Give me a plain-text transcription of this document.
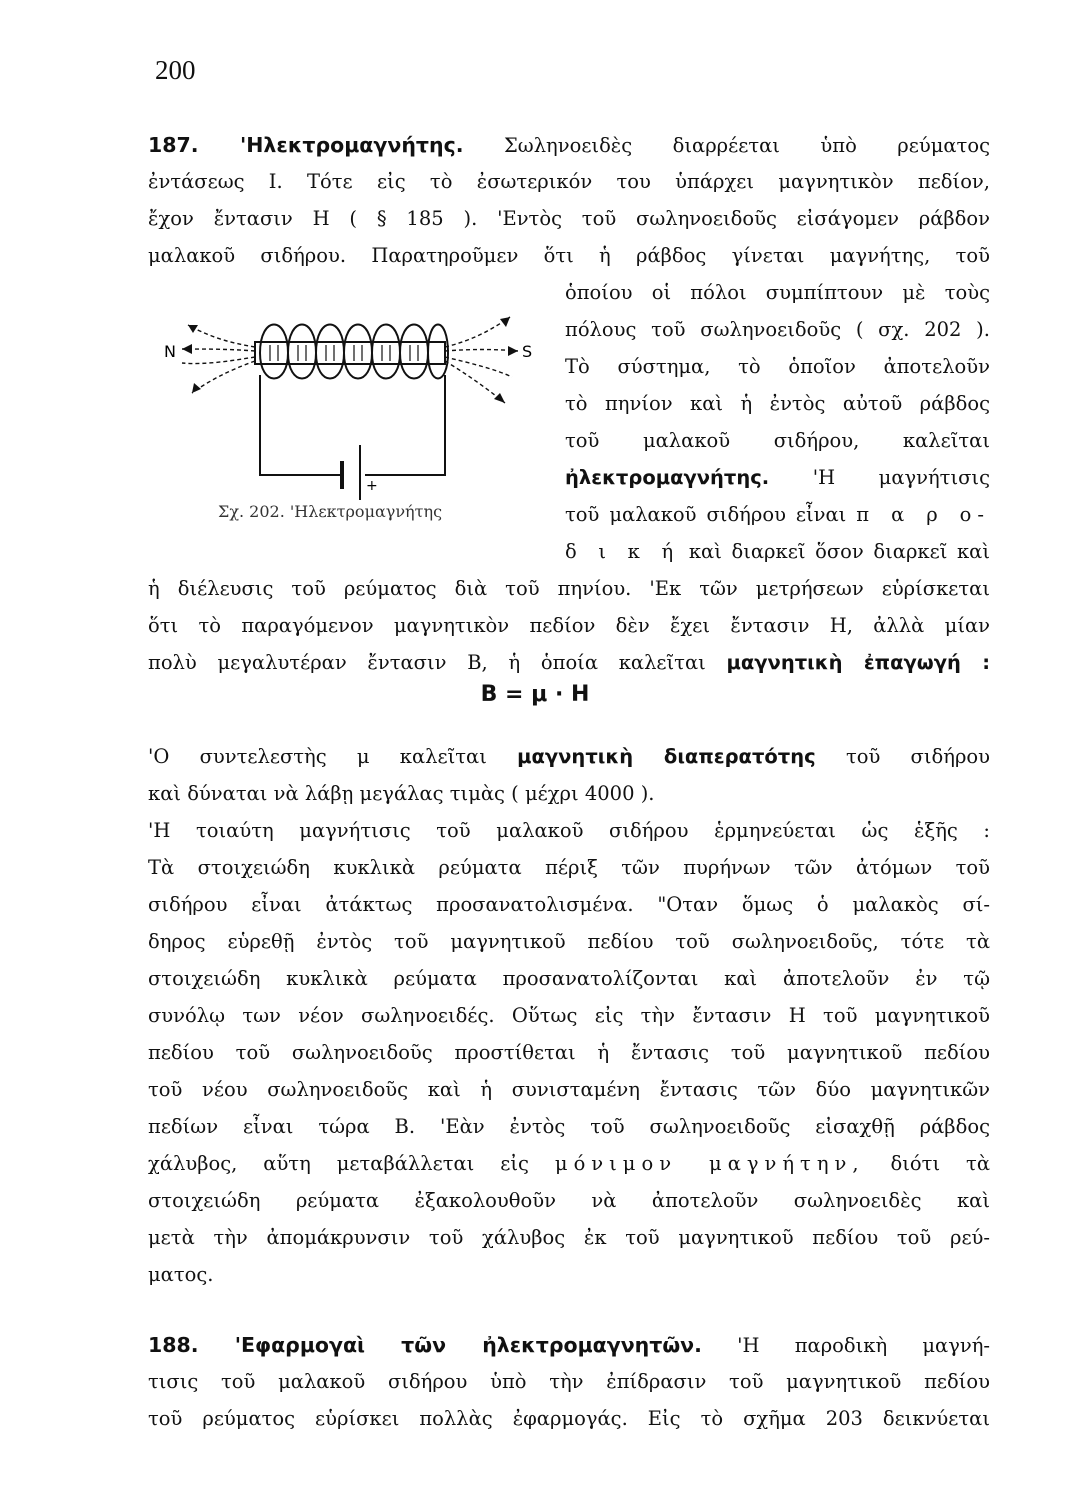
200
187. 'Ηλεκτρομαγνήτης. Σωληνοειδὲς διαρρέεται ὑπὸ ρεύματος
ἐντάσεως Ι. Τότε εἰς τὸ ἐσωτερικόν του ὑπάρχει μαγνητικὸν πεδίον,
ἔχον ἔντασιν Η ( § 185 ). 'Εντὸς τοῦ σωληνοειδοῦς εἰσάγομεν ράβδον
μαλακοῦ σιδήρου. Παρατηροῦμεν ὅτι ἡ ράβδος γίνεται μαγνήτης, τοῦ
ὁποίου οἱ πόλοι συμπίπτουν μὲ τοὺς
πόλους τοῦ σωληνοειδοῦς ( σχ. 202 ).
Τὸ σύστημα, τὸ ὁποῖον ἀποτελοῦν
τὸ πηνίον καὶ ἡ ἐντὸς αὐτοῦ ράβδος
τοῦ μαλακοῦ σιδήρου, καλεῖται
ἠλεκτρομαγνήτης. 'Η μαγνήτισις
τοῦ μαλακοῦ σιδήρου εἶναι π α ρ ο-
δ ι κ ή καὶ διαρκεῖ ὅσον διαρκεῖ καὶ
N	S
+
Σχ. 202. 'Ηλεκτρομαγνήτης
ἡ διέλευσις τοῦ ρεύματος διὰ τοῦ πηνίου. 'Εκ τῶν μετρήσεων εὑρίσκεται
ὅτι τὸ παραγόμενον μαγνητικὸν πεδίον δὲν ἔχει ἔντασιν Η, ἀλλὰ μίαν
πολὺ μεγαλυτέραν ἔντασιν Β, ἡ ὁποία καλεῖται μαγνητικὴ ἐπαγωγή :
Β = μ · Η
'Ο συντελεστὴς μ καλεῖται μαγνητικὴ διαπερατότης τοῦ σιδήρου
καὶ δύναται νὰ λάβῃ μεγάλας τιμὰς ( μέχρι 4000 ).
'Η τοιαύτη μαγνήτισις τοῦ μαλακοῦ σιδήρου ἑρμηνεύεται ὡς ἑξῆς :
Τὰ στοιχειώδη κυκλικὰ ρεύματα πέριξ τῶν πυρήνων τῶν ἀτόμων τοῦ
σιδήρου εἶναι ἀτάκτως προσανατολισμένα. "Οταν ὅμως ὁ μαλακὸς σί-
δηρος εὑρεθῇ ἐντὸς τοῦ μαγνητικοῦ πεδίου τοῦ σωληνοειδοῦς, τότε τὰ
στοιχειώδη κυκλικὰ ρεύματα προσανατολίζονται καὶ ἀποτελοῦν ἐν τῷ
συνόλῳ των νέον σωληνοειδές. Οὕτως εἰς τὴν ἔντασιν Η τοῦ μαγνητικοῦ
πεδίου τοῦ σωληνοειδοῦς προστίθεται ἡ ἔντασις τοῦ μαγνητικοῦ πεδίου
τοῦ νέου σωληνοειδοῦς καὶ ἡ συνισταμένη ἔντασις τῶν δύο μαγνητικῶν
πεδίων εἶναι τώρα Β. 'Εὰν ἐντὸς τοῦ σωληνοειδοῦς εἰσαχθῇ ράβδος
χάλυβος, αὕτη μεταβάλλεται εἰς μόνιμον μαγνήτην, διότι τὰ
στοιχειώδη ρεύματα ἐξακολουθοῦν νὰ ἀποτελοῦν σωληνοειδὲς καὶ
μετὰ τὴν ἀπομάκρυνσιν τοῦ χάλυβος ἐκ τοῦ μαγνητικοῦ πεδίου τοῦ ρεύ-
ματος.
188. 'Εφαρμογαὶ τῶν ἠλεκτρομαγνητῶν. 'Η παροδικὴ μαγνή-
τισις τοῦ μαλακοῦ σιδήρου ὑπὸ τὴν ἐπίδρασιν τοῦ μαγνητικοῦ πεδίου
τοῦ ρεύματος εὑρίσκει πολλὰς ἐφαρμογάς. Εἰς τὸ σχῆμα 203 δεικνύεται
